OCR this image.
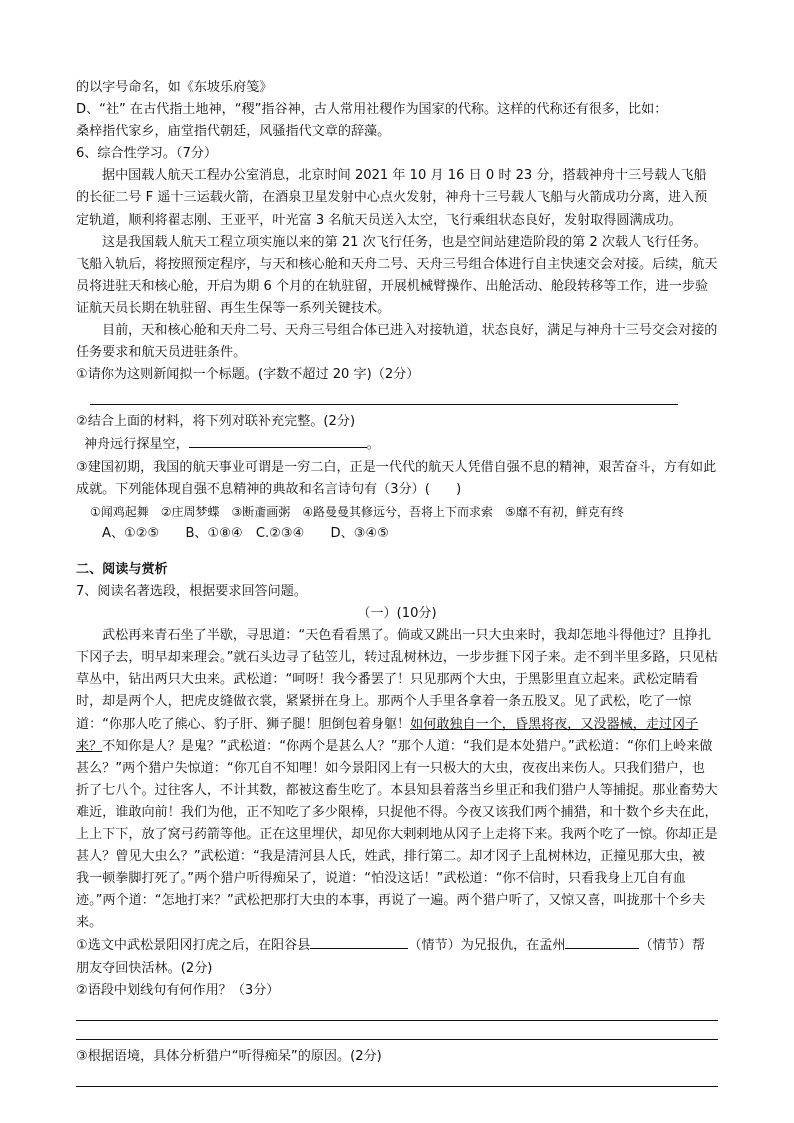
的以字号命名，如《东坡乐府笺》

D、“社” 在古代指土地神，“稷”指谷神，古人常用社稷作为国家的代称。这样的代称还有很多，比如：

桑梓指代家乡，庙堂指代朝廷，风骚指代文章的辞藻。

6、综合性学习。（7分）

据中国载人航天工程办公室消息，北京时间 2021 年 10 月 16 日 0 时 23 分，搭载神舟十三号载人飞船的长征二号 F 遥十三运载火箭，在酒泉卫星发射中心点火发射，神舟十三号载人飞船与火箭成功分离，进入预定轨道，顺利将翟志刚、王亚平，叶光富 3 名航天员送入太空，飞行乘组状态良好，发射取得圆满成功。

这是我国载人航天工程立项实施以来的第 21 次飞行任务，也是空间站建造阶段的第 2 次载人飞行任务。飞船入轨后，将按照预定程序，与天和核心舱和天舟二号、天舟三号组合体进行自主快速交会对接。后续，航天员将进驻天和核心舱，开启为期 6 个月的在轨驻留，开展机械臂操作、出舱活动、舱段转移等工作，进一步验证航天员长期在轨驻留、再生生保等一系列关键技术。

目前，天和核心舱和天舟二号、天舟三号组合体已进入对接轨道，状态良好，满足与神舟十三号交会对接的任务要求和航天员进驻条件。

①请你为这则新闻拟一个标题。(字数不超过 20 字)（2分）

②结合上面的材料，将下列对联补充完整。(2分)

神舟远行探星空，	。

③建国初期，我国的航天事业可谓是一穷二白，正是一代代的航天人凭借自强不息的精神，艰苦奋斗，方有如此成就。下列能体现自强不息精神的典故和名言诗句有（3分）(　　)

①闻鸡起舞　②庄周梦蝶　③断齑画粥　④路曼曼其修远兮，吾将上下而求索　⑤靡不有初，鲜克有终

A、①②⑤　　B、①⑧④　C.②③④　　D、③④⑤

二、阅读与赏析

7、阅读名著选段，根据要求回答问题。

（一）(10分)

武松再来青石坐了半歇，寻思道：“天色看看黑了。倘或又跳出一只大虫来时，我却怎地斗得他过？且挣扎下冈子去，明早却来理会。”就石头边寻了毡笠儿，转过乱树林边，一步步捱下冈子来。走不到半里多路，只见枯草丛中，钻出两只大虫来。武松道：“呵呀！我今番罢了！只见那两个大虫，于黑影里直立起来。武松定睛看时，却是两个人，把虎皮缝做衣裳，紧紧拼在身上。那两个人手里各拿着一条五股叉。见了武松，吃了一惊道：“你那人吃了熊心、豹子肝、狮子腿！胆倒包着身躯！如何敢独自一个，昏黑将夜，又没器械，走过冈子来？不知你是人？是鬼？”武松道：“你两个是甚么人？”那个人道：“我们是本处猎户。”武松道：“你们上岭来做甚么？”两个猎户失惊道：“你兀自不知哩！如今景阳冈上有一只极大的大虫，夜夜出来伤人。只我们猎户，也折了七八个。过往客人，不计其数，都被这畜生吃了。本县知县着落当乡里正和我们猎户人等捕捉。那业畜势大难近，谁敢向前！我们为他，正不知吃了多少限棒，只捉他不得。今夜又该我们两个捕猎，和十数个乡夫在此，上上下下，放了窝弓药箭等他。正在这里埋伏，却见你大剌剌地从冈子上走将下来。我两个吃了一惊。你却正是甚人？曾见大虫么？”武松道：“我是清河县人氏，姓武，排行第二。却才冈子上乱树林边，正撞见那大虫，被我一顿拳脚打死了。”两个猎户听得痴呆了，说道：“怕没这话！”武松道：“你不信时，只看我身上兀自有血迹。”两个道：“怎地打来？”武松把那打大虫的本事，再说了一遍。两个猎户听了，又惊又喜，叫拢那十个乡夫来。

①选文中武松景阳冈打虎之后，在阳谷县	（情节）为兄报仇，在孟州	（情节）帮朋友夺回快活林。(2分)

②语段中划线句有何作用？（3分）

③根据语境，具体分析猎户“听得痴呆”的原因。(2分)
